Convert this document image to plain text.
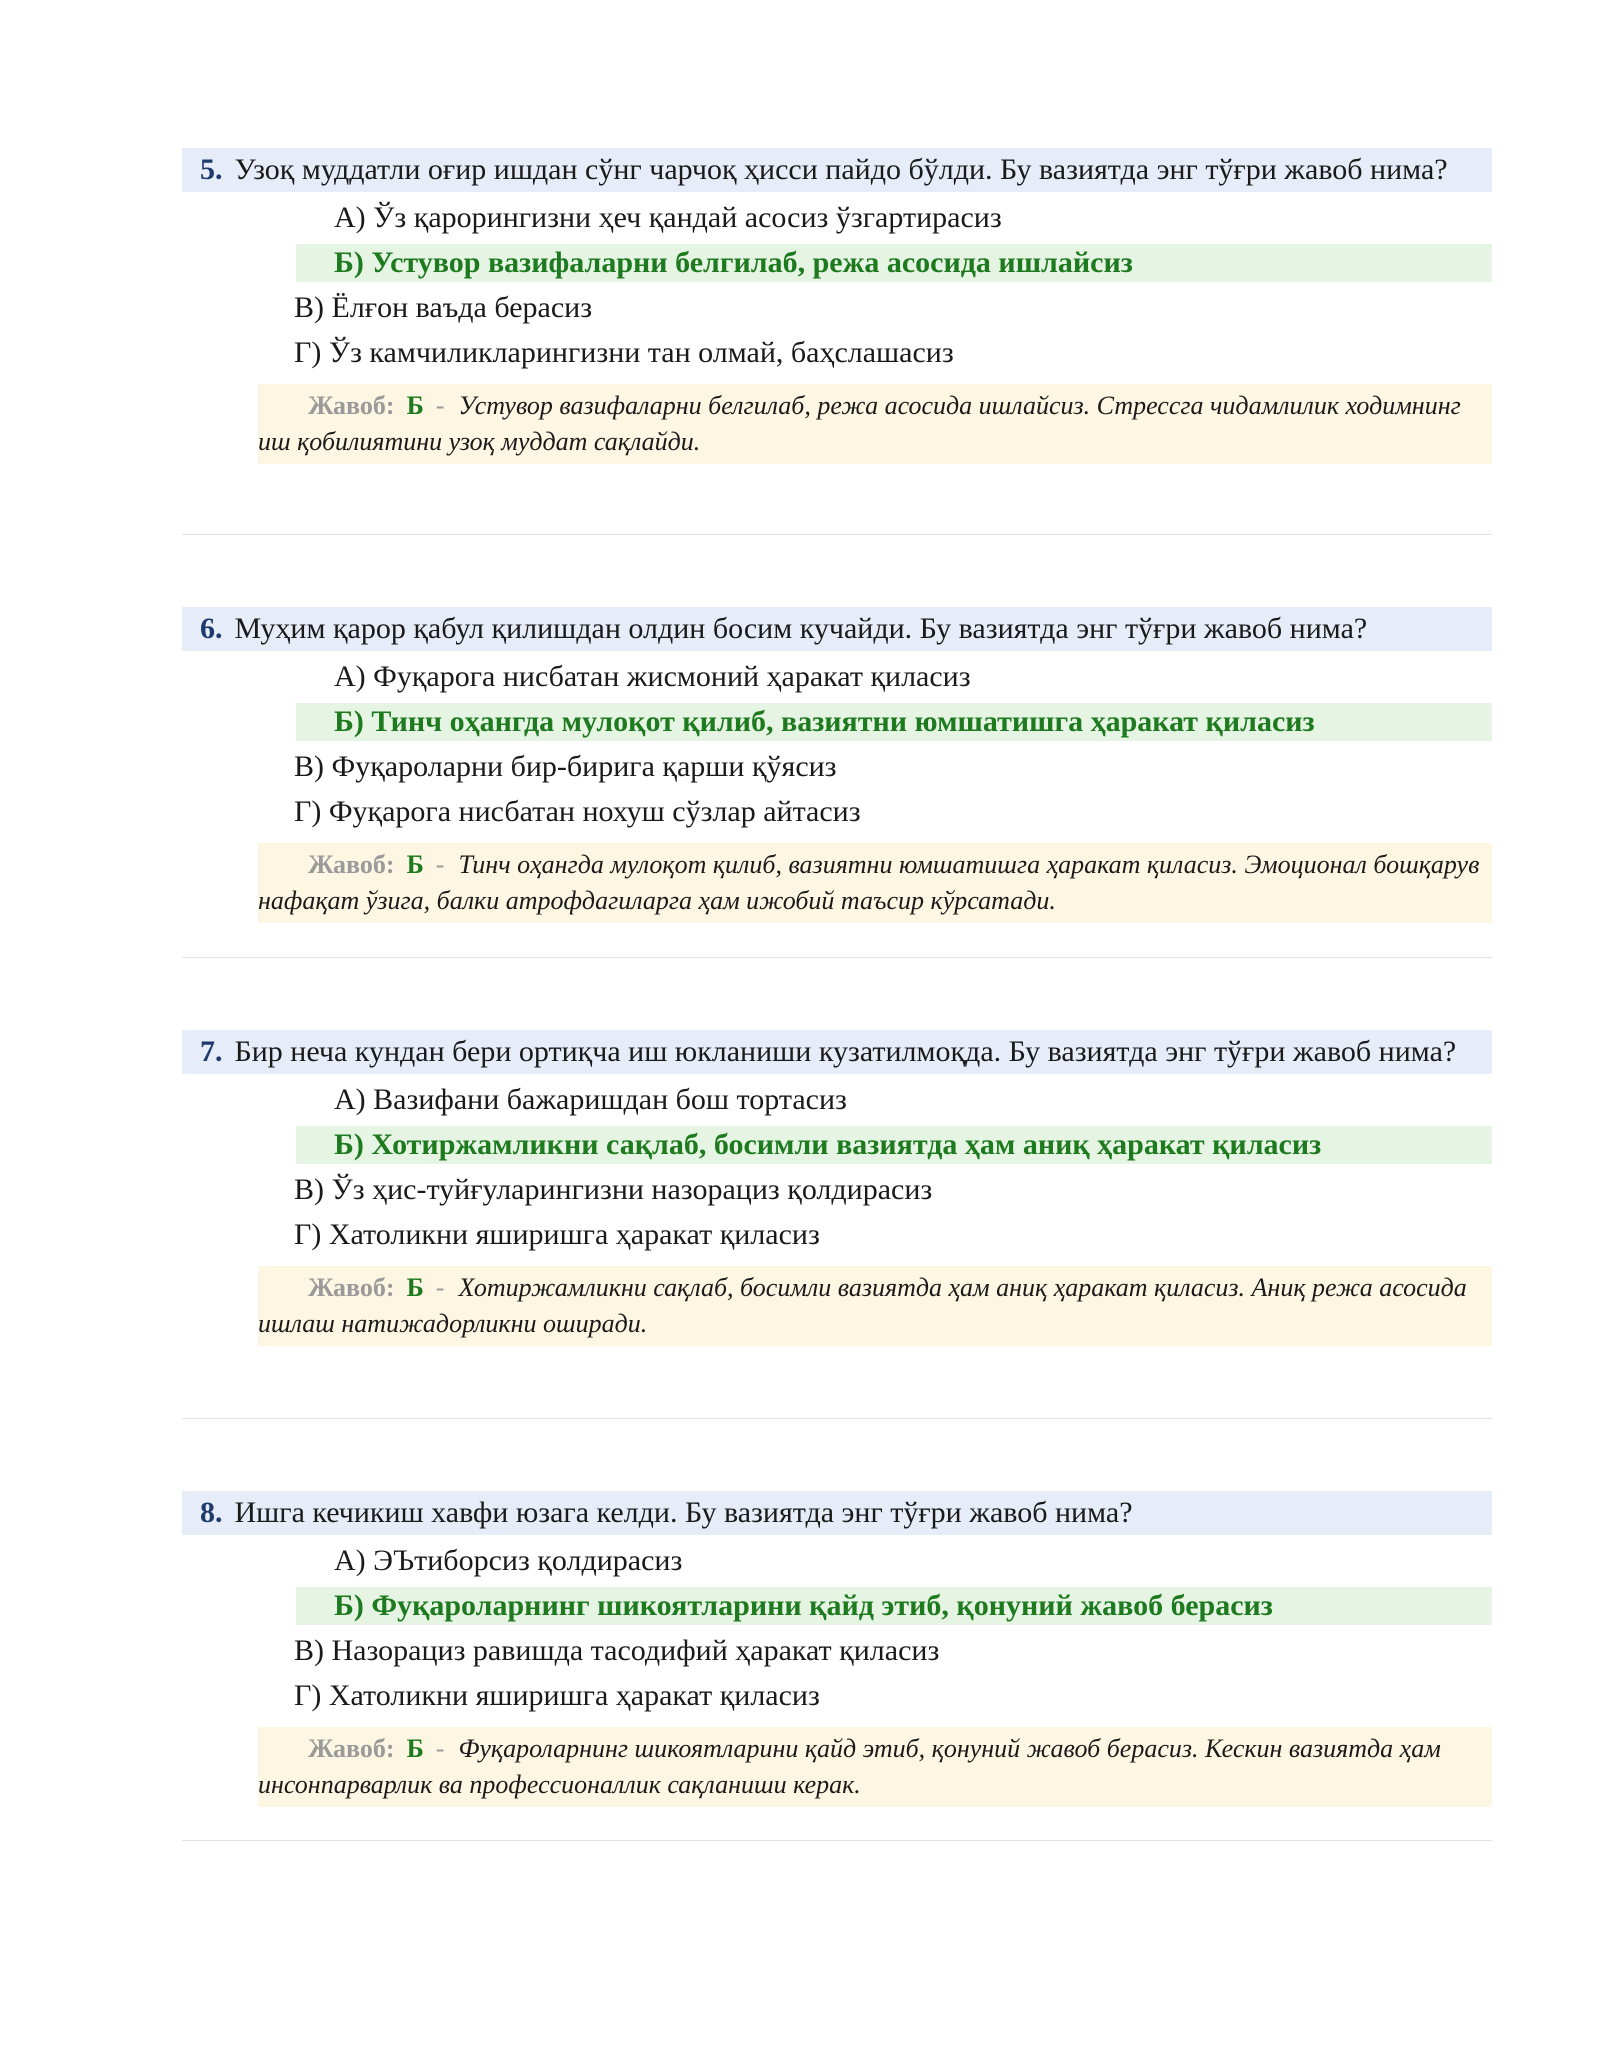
5. Узоқ муддатли оғир ишдан сўнг чарчоқ ҳисси пайдо бўлди. Бу вазиятда энг тўғри жавоб нима?

А) Ўз қарорингизни ҳеч қандай асосиз ўзгартирасиз
Б) Устувор вазифаларни белгилаб, режа асосида ишлайсиз
В) Ёлғон ваъда берасиз
Г) Ўз камчиликларингизни тан олмай, баҳслашасиз
Жавоб: Б - Устувор вазифаларни белгилаб, режа асосида ишлайсиз. Стрессга чидамлилик ходимнинг иш қобилиятини узоқ муддат сақлайди.

6. Муҳим қарор қабул қилишдан олдин босим кучайди. Бу вазиятда энг тўғри жавоб нима?

А) Фуқарога нисбатан жисмоний ҳаракат қиласиз
Б) Тинч оҳангда мулоқот қилиб, вазиятни юмшатишга ҳаракат қиласиз
В) Фуқароларни бир-бирига қарши қўясиз
Г) Фуқарога нисбатан нохуш сўзлар айтасиз
Жавоб: Б - Тинч оҳангда мулоқот қилиб, вазиятни юмшатишга ҳаракат қиласиз. Эмоционал бошқарув нафақат ўзига, балки атрофдагиларга ҳам ижобий таъсир кўрсатади.

7. Бир неча кундан бери ортиқча иш юкланиши кузатилмоқда. Бу вазиятда энг тўғри жавоб нима?

А) Вазифани бажаришдан бош тортасиз
Б) Хотиржамликни сақлаб, босимли вазиятда ҳам аниқ ҳаракат қиласиз
В) Ўз ҳис-туйғуларингизни назорациз қолдирасиз
Г) Хатоликни яширишга ҳаракат қиласиз
Жавоб: Б - Хотиржамликни сақлаб, босимли вазиятда ҳам аниқ ҳаракат қиласиз. Аниқ режа асосида ишлаш натижадорликни оширади.

8. Ишга кечикиш хавфи юзага келди. Бу вазиятда энг тўғри жавоб нима?

А) ЭЪтиборсиз қолдирасиз
Б) Фуқароларнинг шикоятларини қайд этиб, қонуний жавоб берасиз
В) Назорациз равишда тасодифий ҳаракат қиласиз
Г) Хатоликни яширишга ҳаракат қиласиз
Жавоб: Б - Фуқароларнинг шикоятларини қайд этиб, қонуний жавоб берасиз. Кескин вазиятда ҳам инсонпарварлик ва профессионаллик сақланиши керак.
